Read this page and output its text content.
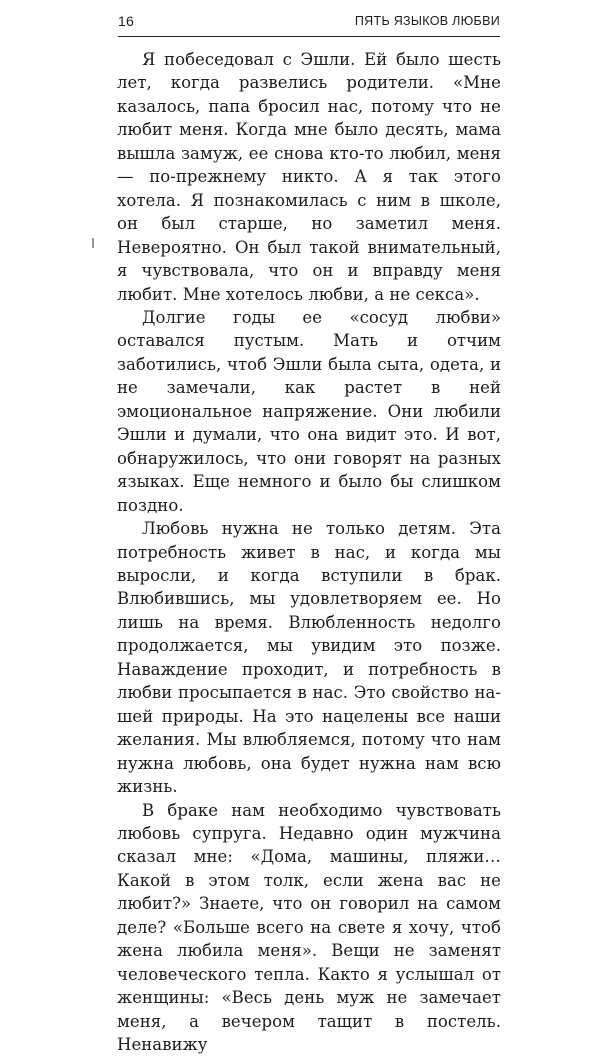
16	ПЯТЬ ЯЗЫКОВ ЛЮБВИ

Я побеседовал с Эшли. Ей было шесть лет, когда развелись родители. «Мне казалось, папа бросил нас, потому что не любит меня. Когда мне было десять, мама вышла замуж, ее снова кто-то любил, меня — по-прежнему никто. А я так этого хотела. Я познакомилась с ним в школе, он был старше, но заметил меня. Невероятно. Он был такой внимательный, я чувствовала, что он и вправду меня любит. Мне хотелось любви, а не секса».

Долгие годы ее «сосуд любви» оставался пустым. Мать и отчим заботились, чтоб Эшли была сыта, одета, и не замечали, как растет в ней эмоциональное напряжение. Они любили Эшли и думали, что она видит это. И вот, обнаружилось, что они говорят на разных языках. Еще немного и было бы слишком поздно.

Любовь нужна не только детям. Эта потребность живет в нас, и когда мы выросли, и когда вступили в брак. Влюбившись, мы удовлетворяем ее. Но лишь на время. Влюбленность недолго продолжается, мы увидим это позже. Наваждение проходит, и потребность в любви просыпается в нас. Это свойство нашей природы. На это нацелены все наши желания. Мы влюбляемся, потому что нам нужна любовь, она будет нужна нам всю жизнь.

В браке нам необходимо чувствовать любовь супруга. Недавно один мужчина сказал мне: «Дома, машины, пляжи… Какой в этом толк, если жена вас не любит?» Знаете, что он говорил на самом деле? «Больше всего на свете я хочу, чтоб жена любила меня». Вещи не заменят человеческого тепла. Както я услышал от женщины: «Весь день муж не замечает меня, а вечером тащит в постель. Ненавижу
